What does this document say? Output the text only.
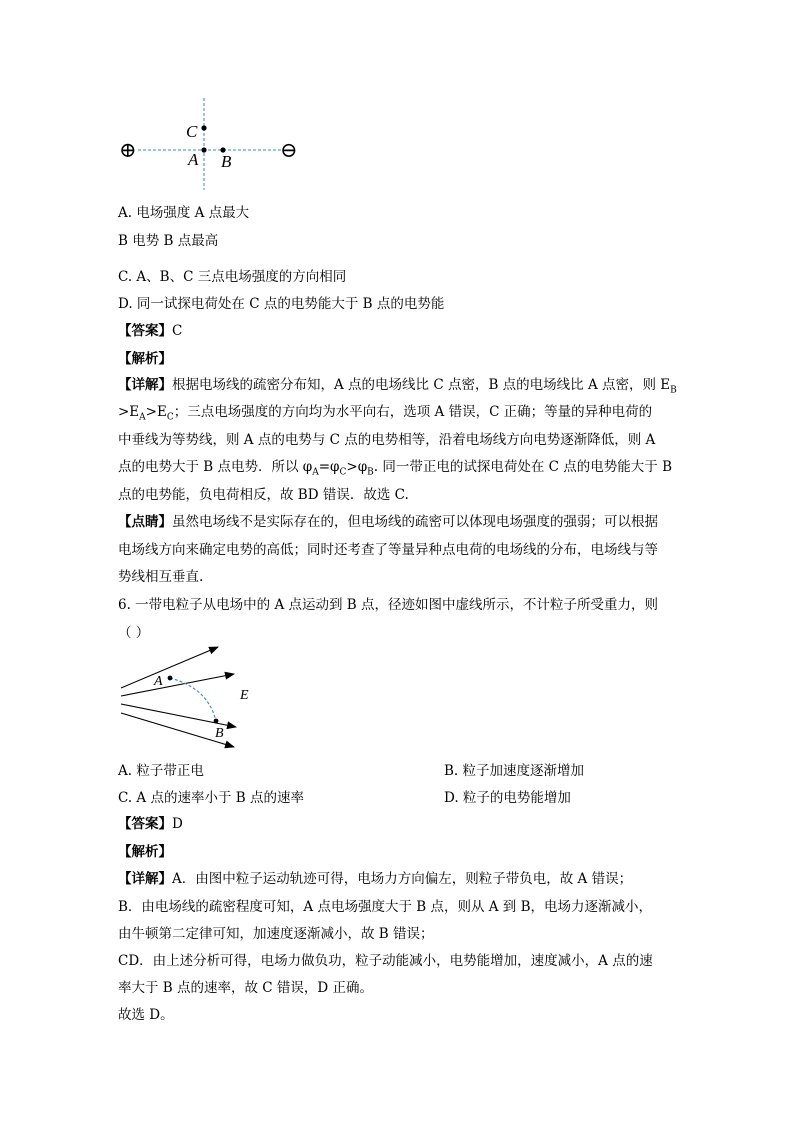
⊕	⊖
C
A B
A. 电场强度 A 点最大
B 电势 B 点最高
C. A、B、C 三点电场强度的方向相同
D. 同一试探电荷处在 C 点的电势能大于 B 点的电势能
【答案】C
【解析】
【详解】根据电场线的疏密分布知，A 点的电场线比 C 点密，B 点的电场线比 A 点密，则 $E_B$
$>E_A>E_C$；三点电场强度的方向均为水平向右，选项 A 错误，C 正确；等量的异种电荷的
中垂线为等势线，则 A 点的电势与 C 点的电势相等，沿着电场线方向电势逐渐降低，则 A
点的电势大于 B 点电势．所以 $\varphi_A=\varphi_C>\varphi_B$. 同一带正电的试探电荷处在 C 点的电势能大于 B
点的电势能，负电荷相反，故 BD 错误．故选 C.
【点睛】虽然电场线不是实际存在的，但电场线的疏密可以体现电场强度的强弱；可以根据
电场线方向来确定电势的高低；同时还考查了等量异种点电荷的电场线的分布，电场线与等
势线相互垂直.
6. 一带电粒子从电场中的 A 点运动到 B 点，径迹如图中虚线所示，不计粒子所受重力，则
（ ）
A
E
B
A. 粒子带正电	B. 粒子加速度逐渐增加
C. A 点的速率小于 B 点的速率	D. 粒子的电势能增加
【答案】D
【解析】
【详解】A．由图中粒子运动轨迹可得，电场力方向偏左，则粒子带负电，故 A 错误；
B．由电场线的疏密程度可知，A 点电场强度大于 B 点，则从 A 到 B，电场力逐渐减小，
由牛顿第二定律可知，加速度逐渐减小，故 B 错误；
CD．由上述分析可得，电场力做负功，粒子动能减小，电势能增加，速度减小，A 点的速
率大于 B 点的速率，故 C 错误，D 正确。
故选 D。
